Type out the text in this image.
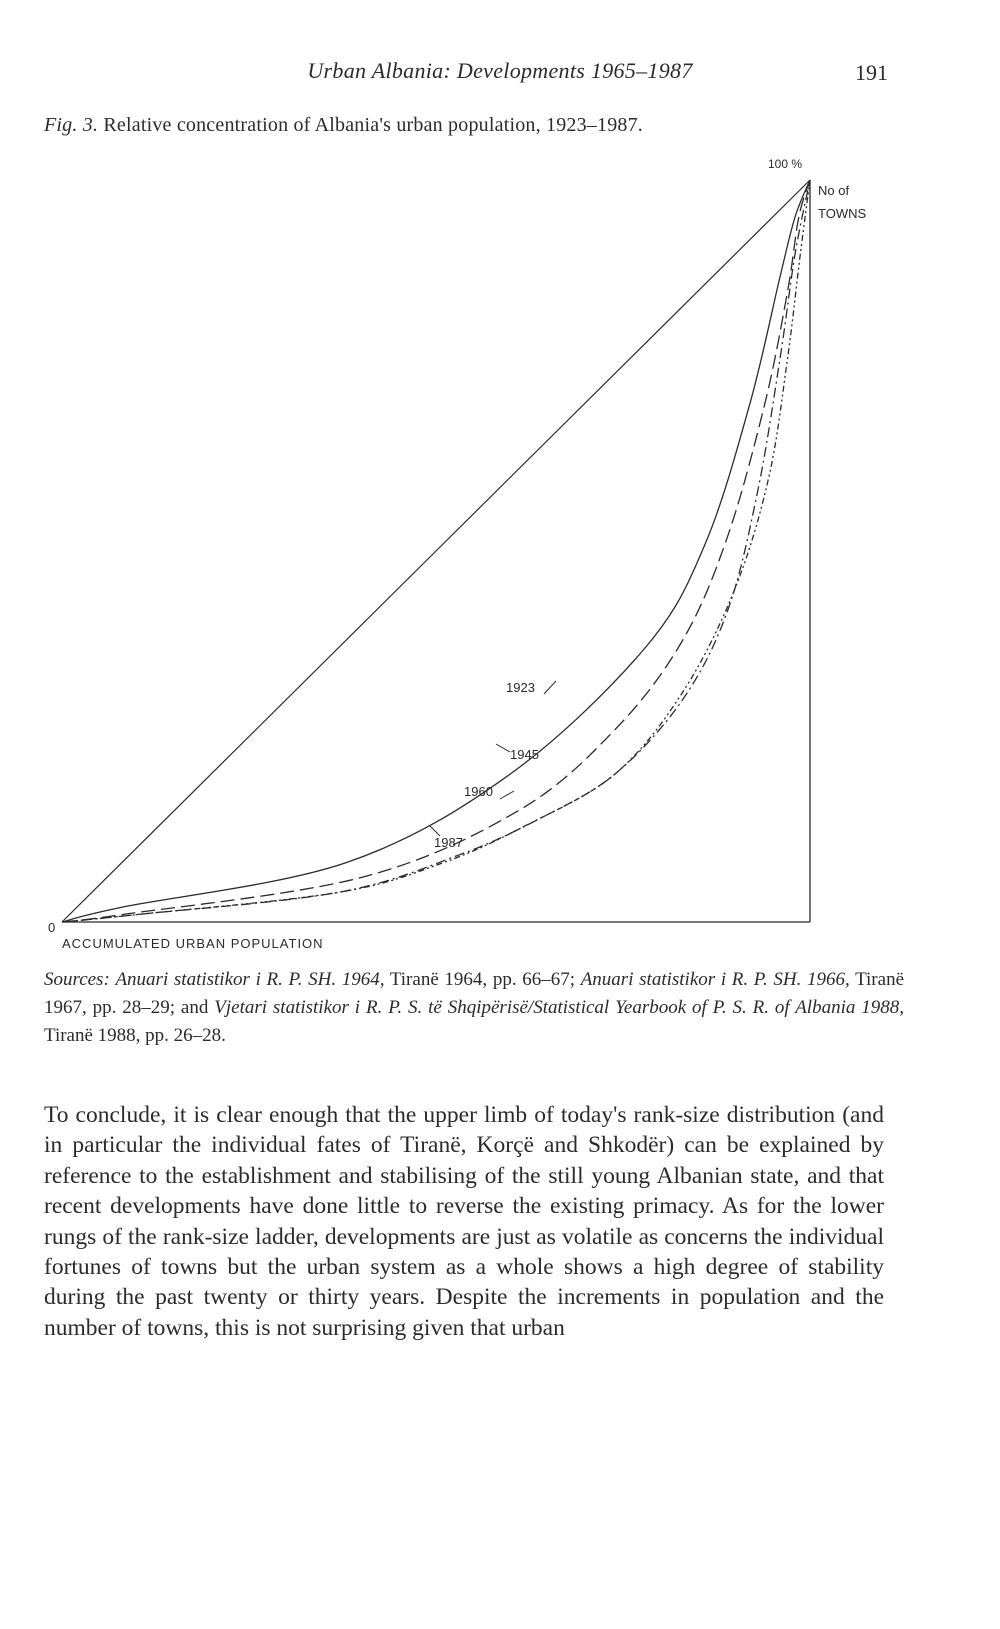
Urban Albania: Developments 1965–1987	191
Fig. 3. Relative concentration of Albania's urban population, 1923–1987.
100 %
No of
TOWNS
0
ACCUMULATED URBAN POPULATION
1923
1945
1960
1987
Sources: Anuari statistikor i R. P. SH. 1964, Tiranë 1964, pp. 66–67; Anuari statistikor i R. P. SH. 1966, Tiranë 1967, pp. 28–29; and Vjetari statistikor i R. P. S. të Shqipërisë/Statistical Yearbook of P. S. R. of Albania 1988, Tiranë 1988, pp. 26–28.
To conclude, it is clear enough that the upper limb of today's rank-size distribution (and in particular the individual fates of Tiranë, Korçë and Shkodër) can be explained by reference to the establishment and stabilising of the still young Albanian state, and that recent developments have done little to reverse the existing primacy. As for the lower rungs of the rank-size ladder, developments are just as volatile as concerns the individual fortunes of towns but the urban system as a whole shows a high degree of stability during the past twenty or thirty years. Despite the increments in population and the number of towns, this is not surprising given that urban
